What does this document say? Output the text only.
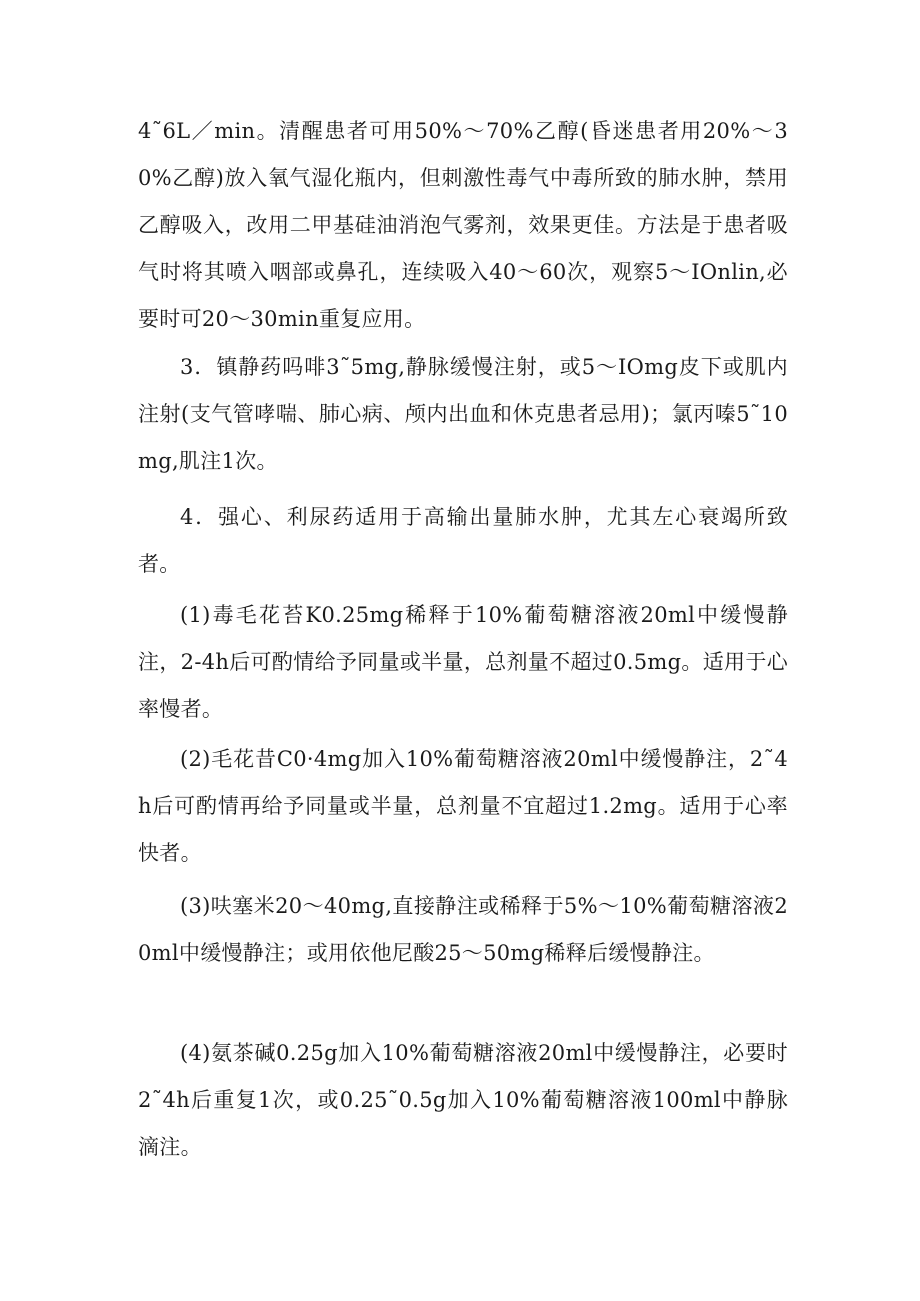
4˜6L／min。清醒患者可用50%～70%乙醇(昏迷患者用20%～30%乙醇)放入氧气湿化瓶内，但刺激性毒气中毒所致的肺水肿，禁用乙醇吸入，改用二甲基硅油消泡气雾剂，效果更佳。方法是于患者吸气时将其喷入咽部或鼻孔，连续吸入40～60次，观察5～IOnlin,必要时可20～30min重复应用。

3．镇静药吗啡3˜5mg,静脉缓慢注射，或5～IOmg皮下或肌内注射(支气管哮喘、肺心病、颅内出血和休克患者忌用)；氯丙嗪5˜10mg,肌注1次。

4．强心、利尿药适用于高输出量肺水肿，尤其左心衰竭所致者。

(1)毒毛花苔K0.25mg稀释于10%葡萄糖溶液20ml中缓慢静注，2-4h后可酌情给予同量或半量，总剂量不超过0.5mg。适用于心率慢者。

(2)毛花昔C0·4mg加入10%葡萄糖溶液20ml中缓慢静注，2˜4h后可酌情再给予同量或半量，总剂量不宜超过1.2mg。适用于心率快者。

(3)呋塞米20～40mg,直接静注或稀释于5%～10%葡萄糖溶液20ml中缓慢静注；或用依他尼酸25～50mg稀释后缓慢静注。

(4)氨茶碱0.25g加入10%葡萄糖溶液20ml中缓慢静注，必要时2˜4h后重复1次，或0.25˜0.5g加入10%葡萄糖溶液100ml中静脉滴注。
